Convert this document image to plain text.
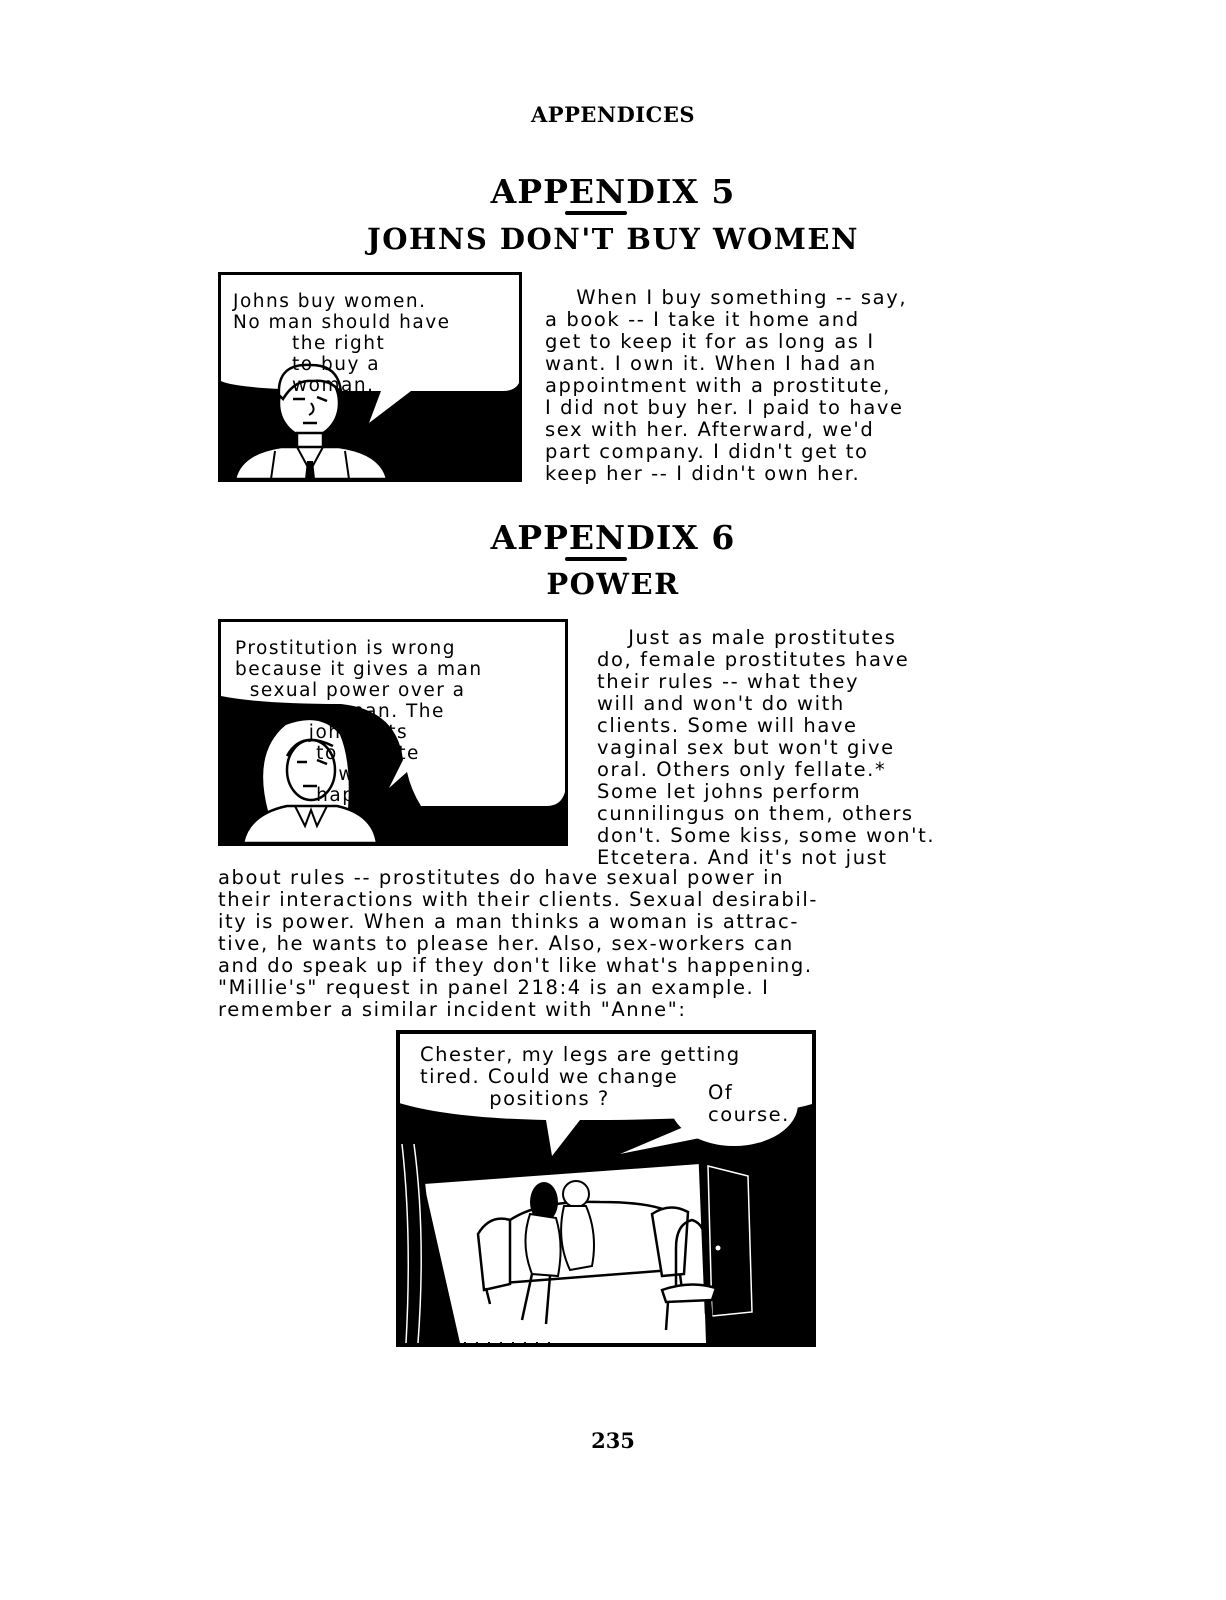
APPENDICES
APPENDIX 5
JOHNS DON'T BUY WOMEN
Johns buy women.
No man should have
the right
to buy a
woman.
When I buy something -- say,
a book -- I take it home and
get to keep it for as long as I
want. I own it. When I had an
appointment with a prostitute,
I did not buy her. I paid to have
sex with her. Afterward, we'd
part company. I didn't get to
keep her -- I didn't own her.
APPENDIX 6
POWER
Prostitution is wrong
because it gives a man
sexual power over a
woman. The
john gets
to dictate
what
happens.
Just as male prostitutes
do, female prostitutes have
their rules -- what they
will and won't do with
clients. Some will have
vaginal sex but won't give
oral. Others only fellate.*
Some let johns perform
cunnilingus on them, others
don't. Some kiss, some won't.
Etcetera. And it's not just
about rules -- prostitutes do have sexual power in
their interactions with their clients. Sexual desirabil-
ity is power. When a man thinks a woman is attrac-
tive, he wants to please her. Also, sex-workers can
and do speak up if they don't like what's happening.
"Millie's" request in panel 218:4 is an example. I
remember a similar incident with "Anne":
Chester, my legs are getting
tired. Could we change
positions ?	Of
course.
235
